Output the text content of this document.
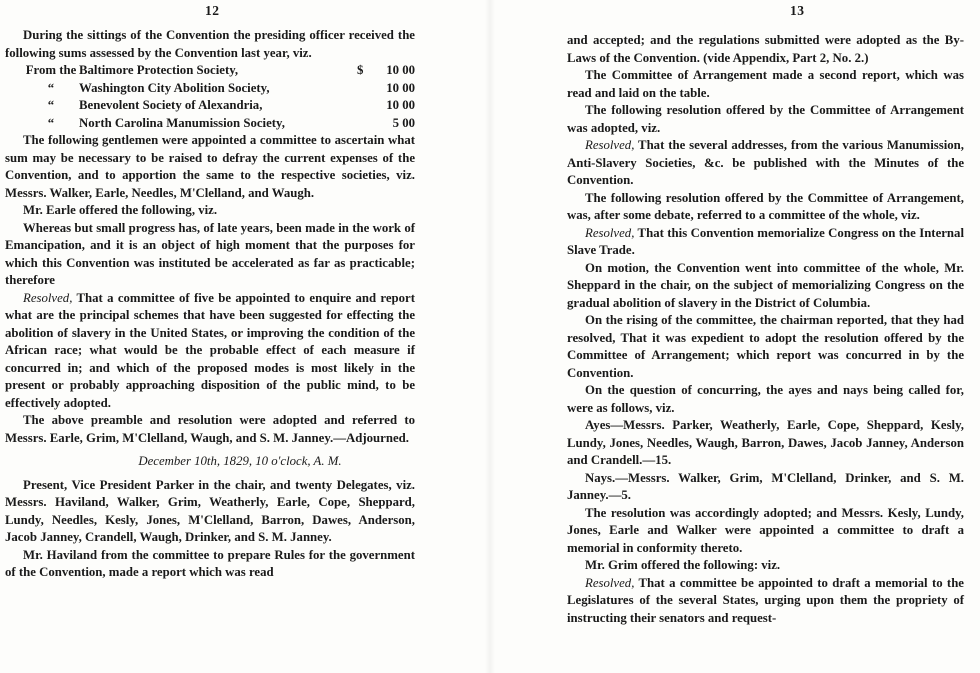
12

During the sittings of the Convention the presiding officer received the following sums assessed by the Convention last year, viz.

From the Baltimore Protection Society,	$	10 00
“	Washington City Abolition Society,	10 00
“	Benevolent Society of Alexandria,	10 00
“	North Carolina Manumission Society,	5 00

The following gentlemen were appointed a committee to ascertain what sum may be necessary to be raised to defray the current expenses of the Convention, and to apportion the same to the respective societies, viz. Messrs. Walker, Earle, Needles, M'Clelland, and Waugh.

Mr. Earle offered the following, viz.

Whereas but small progress has, of late years, been made in the work of Emancipation, and it is an object of high moment that the purposes for which this Convention was instituted be accelerated as far as practicable; therefore

Resolved, That a committee of five be appointed to enquire and report what are the principal schemes that have been suggested for effecting the abolition of slavery in the United States, or improving the condition of the African race; what would be the probable effect of each measure if concurred in; and which of the proposed modes is most likely in the present or probably approaching disposition of the public mind, to be effectively adopted.

The above preamble and resolution were adopted and referred to Messrs. Earle, Grim, M'Clelland, Waugh, and S. M. Janney.—Adjourned.

December 10th, 1829, 10 o'clock, A. M.

Present, Vice President Parker in the chair, and twenty Delegates, viz. Messrs. Haviland, Walker, Grim, Weatherly, Earle, Cope, Sheppard, Lundy, Needles, Kesly, Jones, M'Clelland, Barron, Dawes, Anderson, Jacob Janney, Crandell, Waugh, Drinker, and S. M. Janney.

Mr. Haviland from the committee to prepare Rules for the government of the Convention, made a report which was read

13

and accepted; and the regulations submitted were adopted as the By-Laws of the Convention. (vide Appendix, Part 2, No. 2.)

The Committee of Arrangement made a second report, which was read and laid on the table.

The following resolution offered by the Committee of Arrangement was adopted, viz.

Resolved, That the several addresses, from the various Manumission, Anti-Slavery Societies, &c. be published with the Minutes of the Convention.

The following resolution offered by the Committee of Arrangement, was, after some debate, referred to a committee of the whole, viz.

Resolved, That this Convention memorialize Congress on the Internal Slave Trade.

On motion, the Convention went into committee of the whole, Mr. Sheppard in the chair, on the subject of memorializing Congress on the gradual abolition of slavery in the District of Columbia.

On the rising of the committee, the chairman reported, that they had resolved, That it was expedient to adopt the resolution offered by the Committee of Arrangement; which report was concurred in by the Convention.

On the question of concurring, the ayes and nays being called for, were as follows, viz.

Ayes—Messrs. Parker, Weatherly, Earle, Cope, Sheppard, Kesly, Lundy, Jones, Needles, Waugh, Barron, Dawes, Jacob Janney, Anderson and Crandell.—15.

Nays.—Messrs. Walker, Grim, M'Clelland, Drinker, and S. M. Janney.—5.

The resolution was accordingly adopted; and Messrs. Kesly, Lundy, Jones, Earle and Walker were appointed a committee to draft a memorial in conformity thereto.

Mr. Grim offered the following: viz.

Resolved, That a committee be appointed to draft a memorial to the Legislatures of the several States, urging upon them the propriety of instructing their senators and request-
